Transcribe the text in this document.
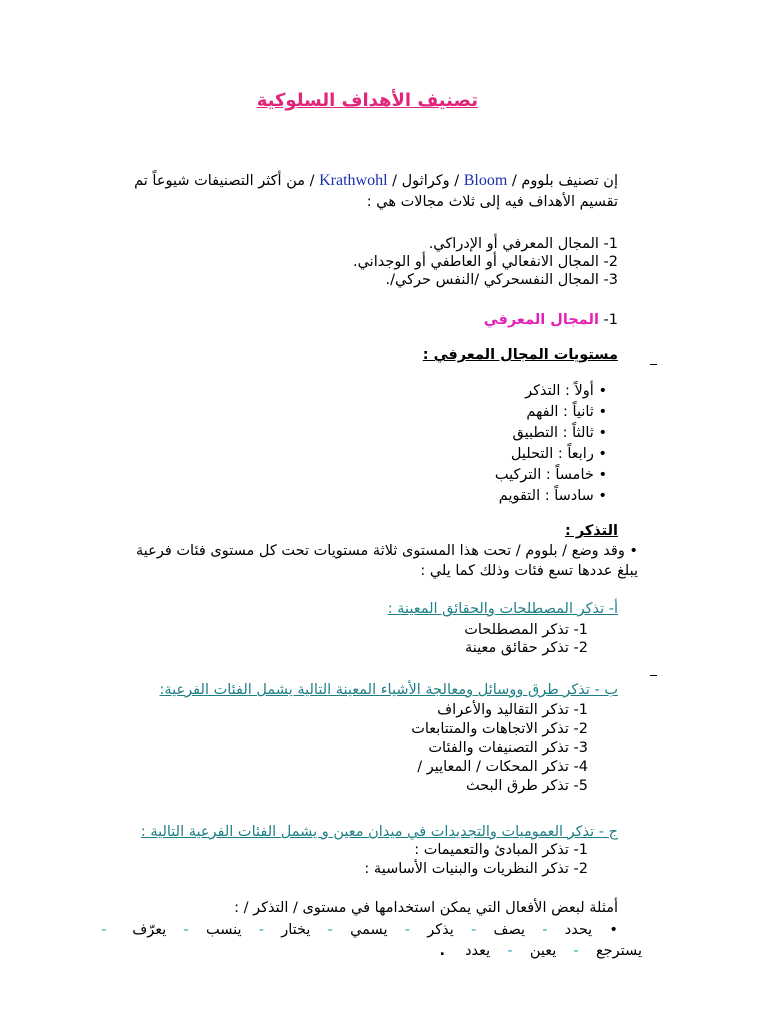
تصنيف الأهداف السلوكية
إن تصنيف بلووم / Bloom / وكراثول / Krathwohl / من أكثر التصنيفات شيوعاً تم
تقسيم الأهداف فيه إلى ثلاث مجالات هي :
1- المجال المعرفي أو الإدراكي.
2- المجال الانفعالي أو العاطفي أو الوجداني.
3- المجال النفسحركي /النفس حركي/.
1- المجال المعرفي
مستويات المجال المعرفي :
• أولاً : التذكر
• ثانياً : الفهم
• ثالثاً : التطبيق
• رابعاً : التحليل
• خامساً : التركيب
• سادساً : التقويم
التذكر :
• وقد وضع / بلووم / تحت هذا المستوى ثلاثة مستويات تحت كل مستوى فئات فرعية
يبلغ عددها تسع فئات وذلك كما يلي :
أ- تذكر المصطلحات والحقائق المعينة :
1- تذكر المصطلحات
2- تذكر حقائق معينة
ب - تذكر طرق ووسائل ومعالجة الأشياء المعينة التالية يشمل الفئات الفرعية:
1- تذكر التقاليد والأعراف
2- تذكر الاتجاهات والمتتابعات
3- تذكر التصنيفات والفئات
4- تذكر المحكات / المعايير /
5- تذكر طرق البحث
ج - تذكر العموميات والتجديدات في ميدان معين و يشمل الفئات الفرعية التالية :
1- تذكر المبادئ والتعميمات :
2- تذكر النظريات والبنيات الأساسية :
أمثلة لبعض الأفعال التي يمكن استخدامها في مستوى / التذكر / :
•  يحدد  -  يصف  -  يذكر  -  يسمي  -  يختار  -  ينسب  -  يعرّف   -
يسترجع  -  يعين  -  يعدد.
